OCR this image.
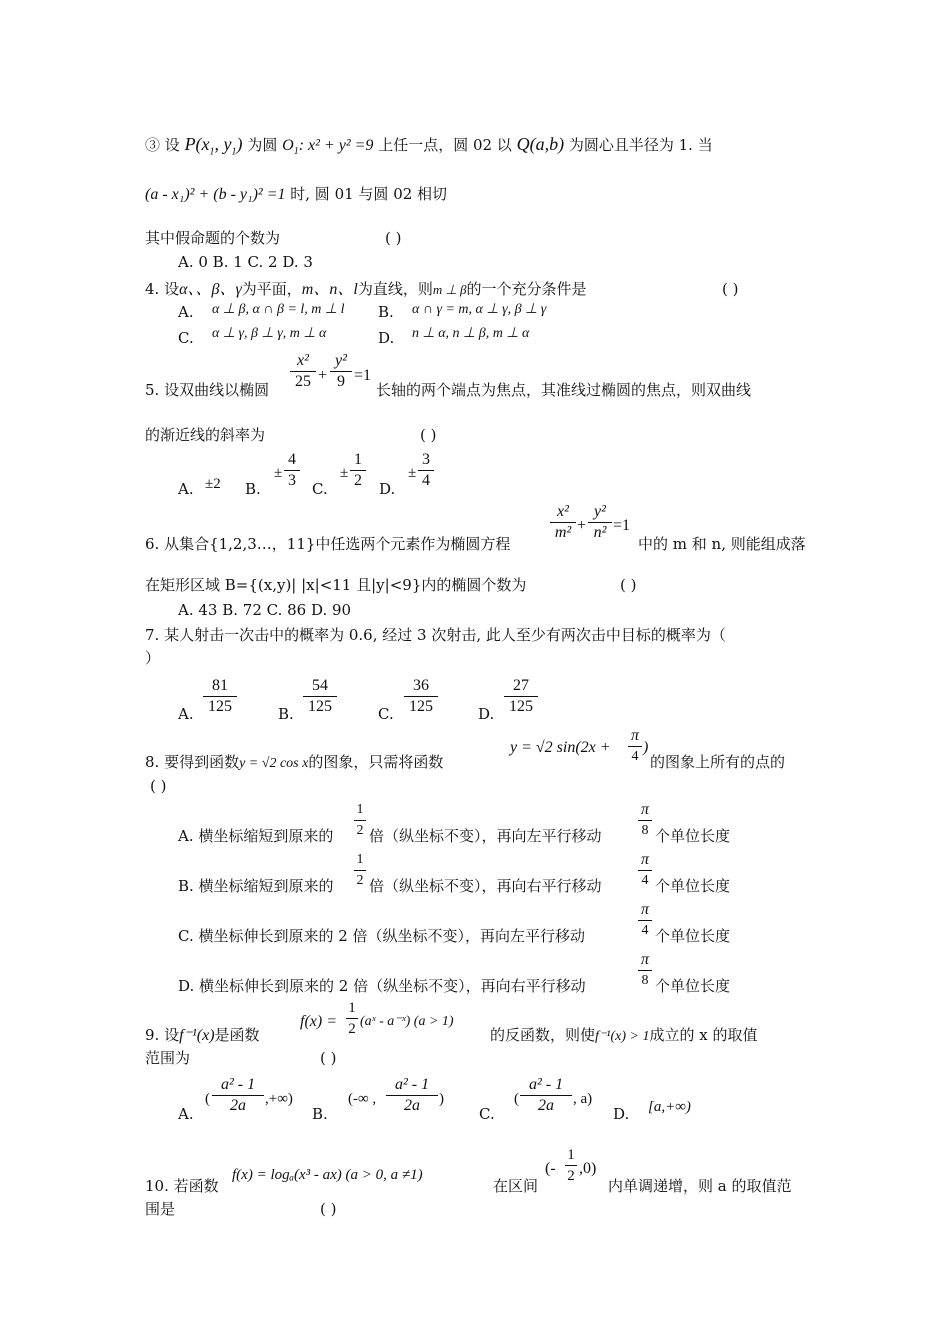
③ 设 $P(x_1$, $y_1$) 为圆 $O_1$: x² + y² =9 上任一点，圆 02 以 Q(a,b) 为圆心且半径为 1. 当
(a - x₁)² + (b - y₁)² =1 时, 圆 01 与圆 02 相切
其中假命题的个数为	( )
A. 0 B. 1 C. 2 D. 3
4. 设α、、β、γ为平面，m、n、l为直线，则m ⊥ β的一个充分条件是	( )
A. α ⊥ β, α ∩ β = l, m ⊥ l B. α ∩ γ = m, α ⊥ γ, β ⊥ γ
C. α ⊥ γ, β ⊥ γ, m ⊥ α	D. n ⊥ α, n ⊥ β, m ⊥ α
5. 设双曲线以椭圆 $\frac{\text{x²}}{25} + \frac{\text{y²}}{9} =1$
长轴的两个端点为焦点，其准线过椭圆的焦点，则双曲线
的渐近线的斜率为	( )
A. ±2 B.
± $\frac{4}{3} C$.
± $\frac{1}{2} D$.
± $\frac{3}{4}$
6. 从集合{1,2,3…，11}中任选两个元素作为椭圆方程
$\frac{\text{x²}}{\text{m²}} + \frac{\text{y²}}{\text{n²}} =1$
中的 m 和 n, 则能组成落
在矩形区域 B={(x,y)| |x|<11 且|y|<9}内的椭圆个数为	( )
A. 43 B. 72 C. 86 D. 90
7. 某人射击一次击中的概率为 0.6, 经过 3 次射击, 此人至少有两次击中目标的概率为（
）
A. $\frac{81}{125}$	B. $\frac{54}{125}$	C. $\frac{36}{125}$	D. $\frac{27}{125}$
8. 要得到函数y = √2 cos x的图象，只需将函数
y = √2 $\sin(2x + \frac{\pi}{4}$ )
的图象上所有的点的
( )
A. 横坐标缩短到原来的 $\frac{1}{2}$ 倍（纵坐标不变），再向左平行移动 $\frac{\pi}{8}$ 个单位长度
B. 横坐标缩短到原来的 $\frac{1}{2}$ 倍（纵坐标不变），再向右平行移动 $\frac{\pi}{4}$ 个单位长度
C. 横坐标伸长到原来的 2 倍（纵坐标不变），再向左平行移动	$\frac{\pi}{4}$ 个单位长度
D. 横坐标伸长到原来的 2 倍（纵坐标不变），再向右平行移动	$\frac{\pi}{8}$ 个单位长度
9. 设f⁻¹(x)是函数
$f(x) = \frac{1}{2}$ (aˣ - a⁻ˣ) (a > 1)
的反函数，则使f⁻¹(x) > 1成立的 x 的取值
范围为	( )
A.
( $\frac{\text{a² - 1}}{2a}$ ,+∞)
B.
(-∞ , $\frac{\text{a² - 1}}{2a}$ )
C.
( $\frac{\text{a² - 1}}{2a}$ , a)
D. [a,+∞)
10. 若函数
f(x) = logₐ(x³ - ax) (a > 0, a ≠1)
在区间
(- $\frac{1}{2} ,0$)
内单调递增，则 a 的取值范
围是	( )
